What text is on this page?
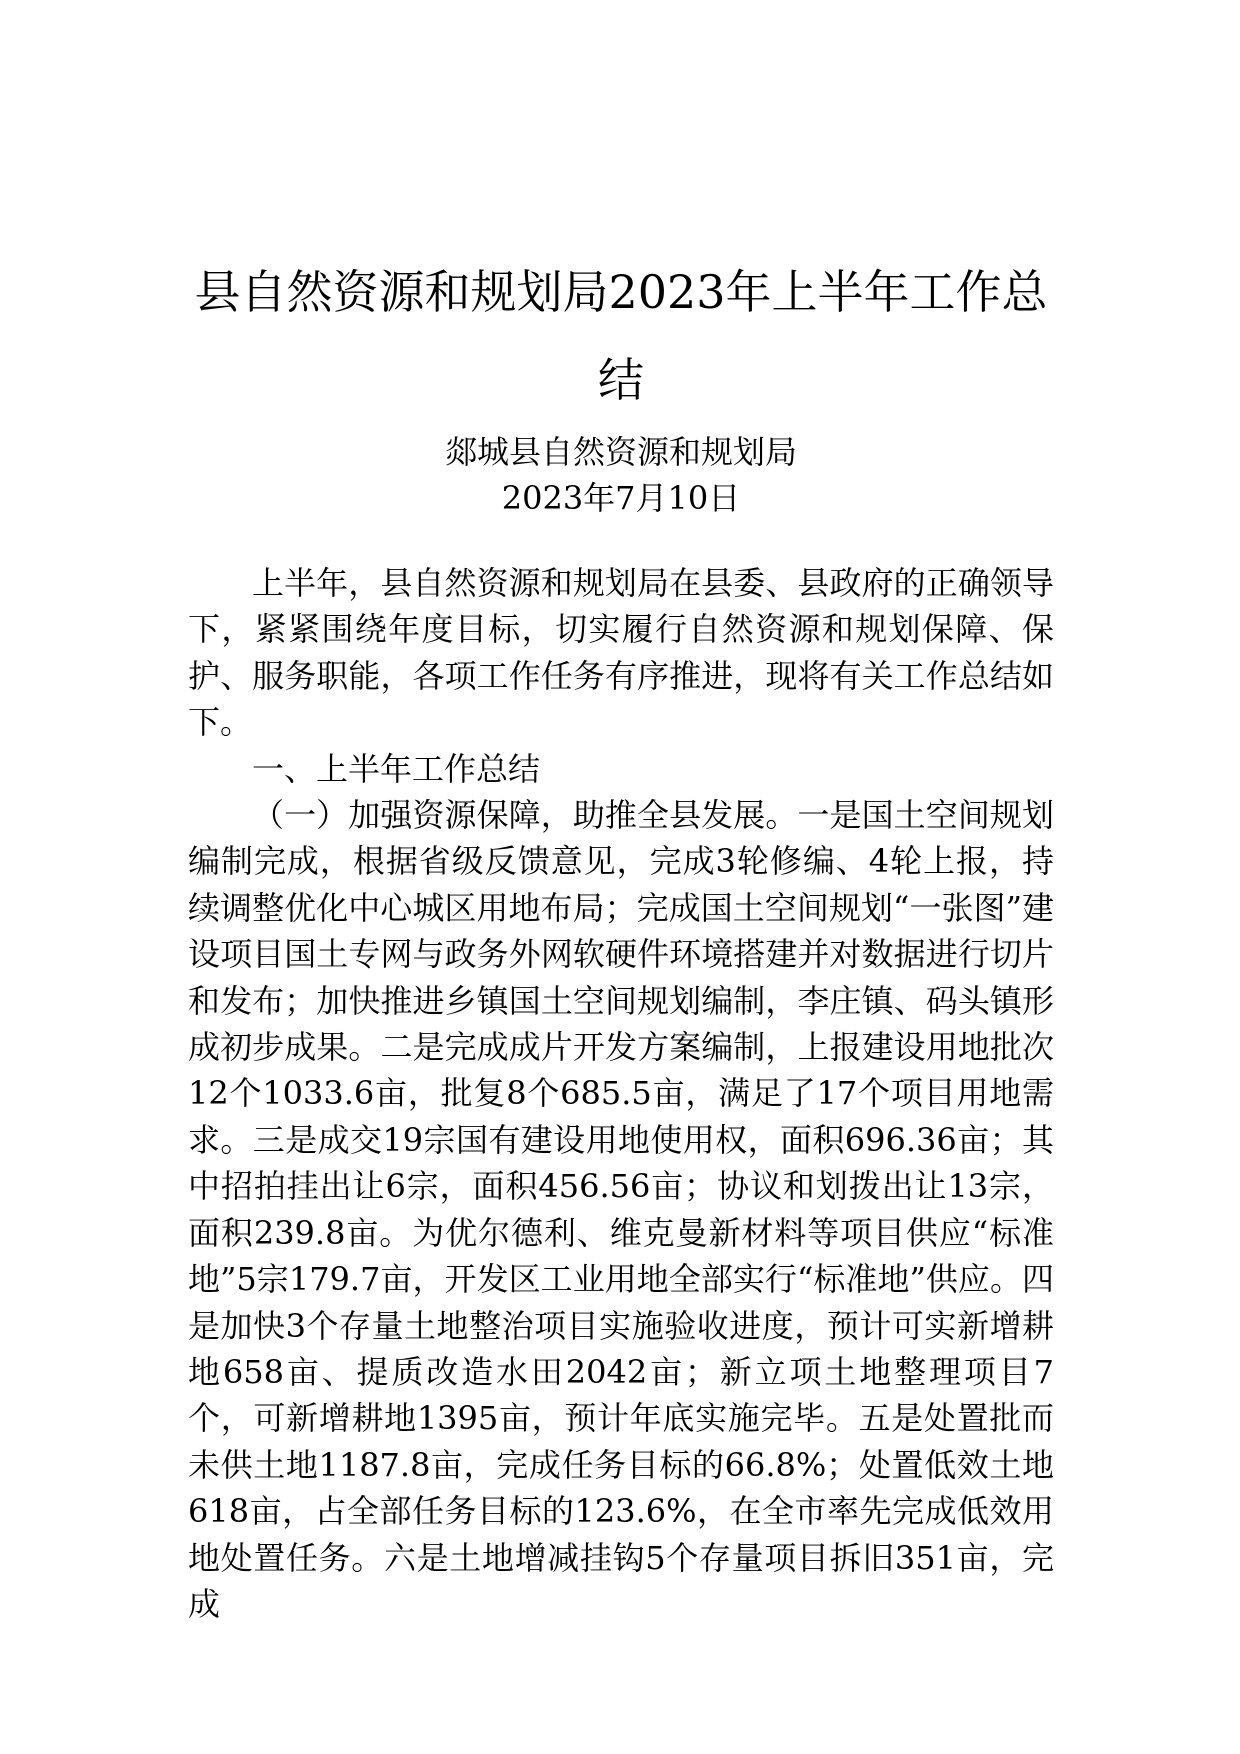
县自然资源和规划局2023年上半年工作总
结
郯城县自然资源和规划局
2023年7月10日

上半年，县自然资源和规划局在县委、县政府的正确领导下，紧紧围绕年度目标，切实履行自然资源和规划保障、保护、服务职能，各项工作任务有序推进，现将有关工作总结如下。

一、上半年工作总结

（一）加强资源保障，助推全县发展。一是国土空间规划编制完成，根据省级反馈意见，完成3轮修编、4轮上报，持续调整优化中心城区用地布局；完成国土空间规划“一张图”建设项目国土专网与政务外网软硬件环境搭建并对数据进行切片和发布；加快推进乡镇国土空间规划编制，李庄镇、码头镇形成初步成果。二是完成成片开发方案编制，上报建设用地批次12个1033.6亩，批复8个685.5亩，满足了17个项目用地需求。三是成交19宗国有建设用地使用权，面积696.36亩；其中招拍挂出让6宗，面积456.56亩；协议和划拨出让13宗，面积239.8亩。为优尔德利、维克曼新材料等项目供应“标准地”5宗179.7亩，开发区工业用地全部实行“标准地”供应。四是加快3个存量土地整治项目实施验收进度，预计可实新增耕地658亩、提质改造水田2042亩；新立项土地整理项目7个，可新增耕地1395亩，预计年底实施完毕。五是处置批而未供土地1187.8亩，完成任务目标的66.8%；处置低效土地618亩，占全部任务目标的123.6%，在全市率先完成低效用地处置任务。六是土地增减挂钩5个存量项目拆旧351亩，完成
